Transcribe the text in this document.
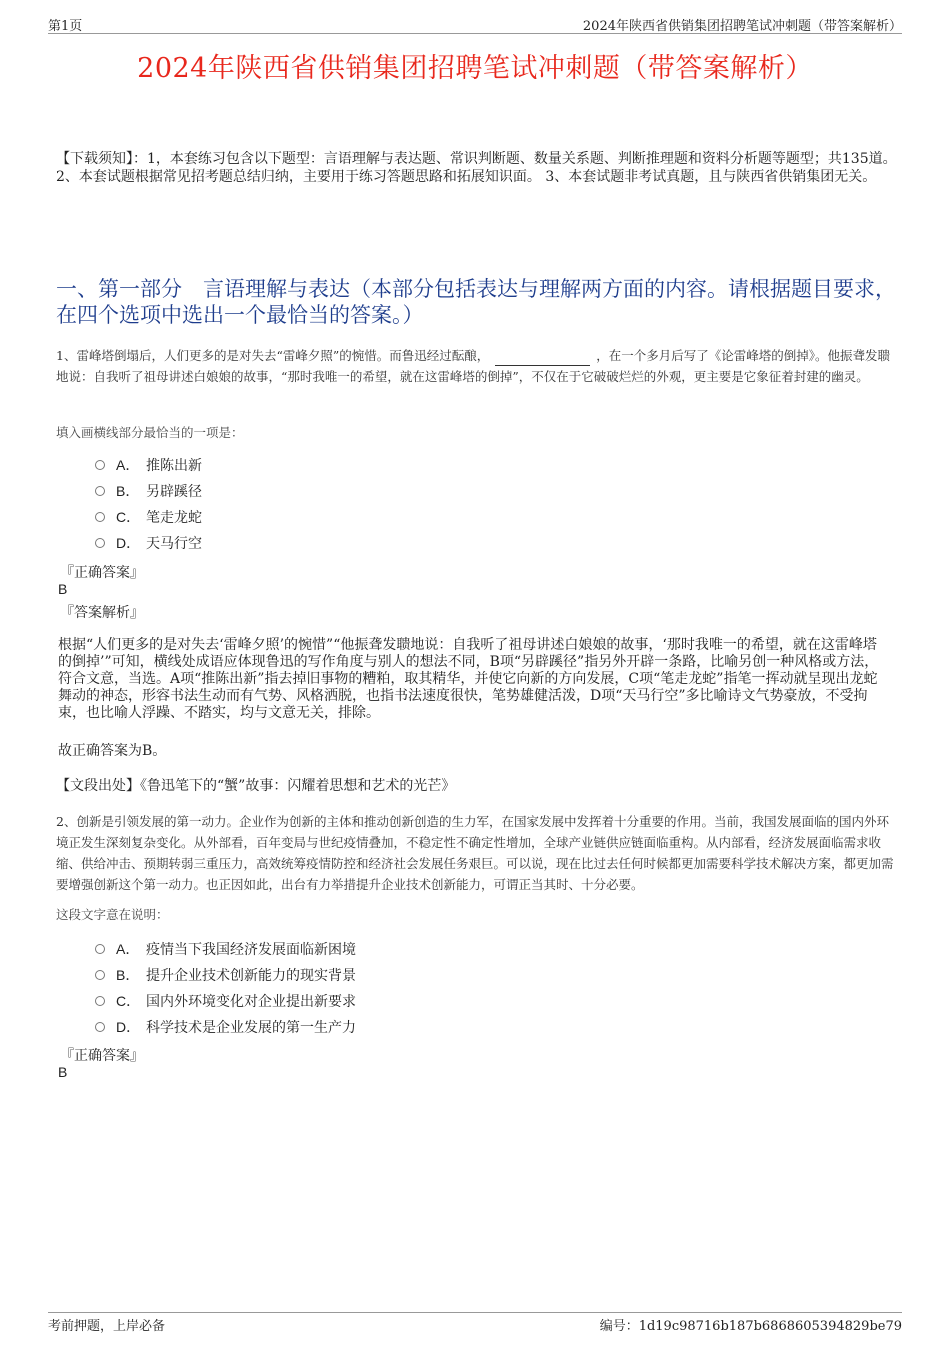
第1页	2024年陕西省供销集团招聘笔试冲刺题（带答案解析）
2024年陕西省供销集团招聘笔试冲刺题（带答案解析）
【下载须知】：1，本套练习包含以下题型：言语理解与表达题、常识判断题、数量关系题、判断推理题和资料分析题等题型；共135道。 2、本套试题根据常见招考题总结归纳，主要用于练习答题思路和拓展知识面。 3、本套试题非考试真题，且与陕西省供销集团无关。
一、第一部分　言语理解与表达（本部分包括表达与理解两方面的内容。请根据题目要求，在四个选项中选出一个最恰当的答案。）
1、雷峰塔倒塌后，人们更多的是对失去“雷峰夕照”的惋惜。而鲁迅经过酝酿，	，在一个多月后写了《论雷峰塔的倒掉》。他振聋发聩地说：自我听了祖母讲述白娘娘的故事，“那时我唯一的希望，就在这雷峰塔的倒掉”，不仅在于它破破烂烂的外观，更主要是它象征着封建的幽灵。
填入画横线部分最恰当的一项是：
A． 推陈出新
B． 另辟蹊径
C． 笔走龙蛇
D． 天马行空
『正确答案』
B
『答案解析』
根据“人们更多的是对失去‘雷峰夕照’的惋惜”“他振聋发聩地说：自我听了祖母讲述白娘娘的故事，‘那时我唯一的希望，就在这雷峰塔的倒掉’”可知，横线处成语应体现鲁迅的写作角度与别人的想法不同，B项“另辟蹊径”指另外开辟一条路，比喻另创一种风格或方法，符合文意，当选。A项“推陈出新”指去掉旧事物的糟粕，取其精华，并使它向新的方向发展，C项“笔走龙蛇”指笔一挥动就呈现出龙蛇舞动的神态，形容书法生动而有气势、风格洒脱，也指书法速度很快，笔势雄健活泼，D项“天马行空”多比喻诗文气势豪放，不受拘束，也比喻人浮躁、不踏实，均与文意无关，排除。
故正确答案为B。
【文段出处】《鲁迅笔下的“蟹”故事：闪耀着思想和艺术的光芒》
2、创新是引领发展的第一动力。企业作为创新的主体和推动创新创造的生力军，在国家发展中发挥着十分重要的作用。当前，我国发展面临的国内外环境正发生深刻复杂变化。从外部看，百年变局与世纪疫情叠加，不稳定性不确定性增加，全球产业链供应链面临重构。从内部看，经济发展面临需求收缩、供给冲击、预期转弱三重压力，高效统筹疫情防控和经济社会发展任务艰巨。可以说，现在比过去任何时候都更加需要科学技术解决方案，都更加需要增强创新这个第一动力。也正因如此，出台有力举措提升企业技术创新能力，可谓正当其时、十分必要。
这段文字意在说明：
A． 疫情当下我国经济发展面临新困境
B． 提升企业技术创新能力的现实背景
C． 国内外环境变化对企业提出新要求
D． 科学技术是企业发展的第一生产力
『正确答案』
B
考前押题，上岸必备	编号：1d19c98716b187b6868605394829be79
